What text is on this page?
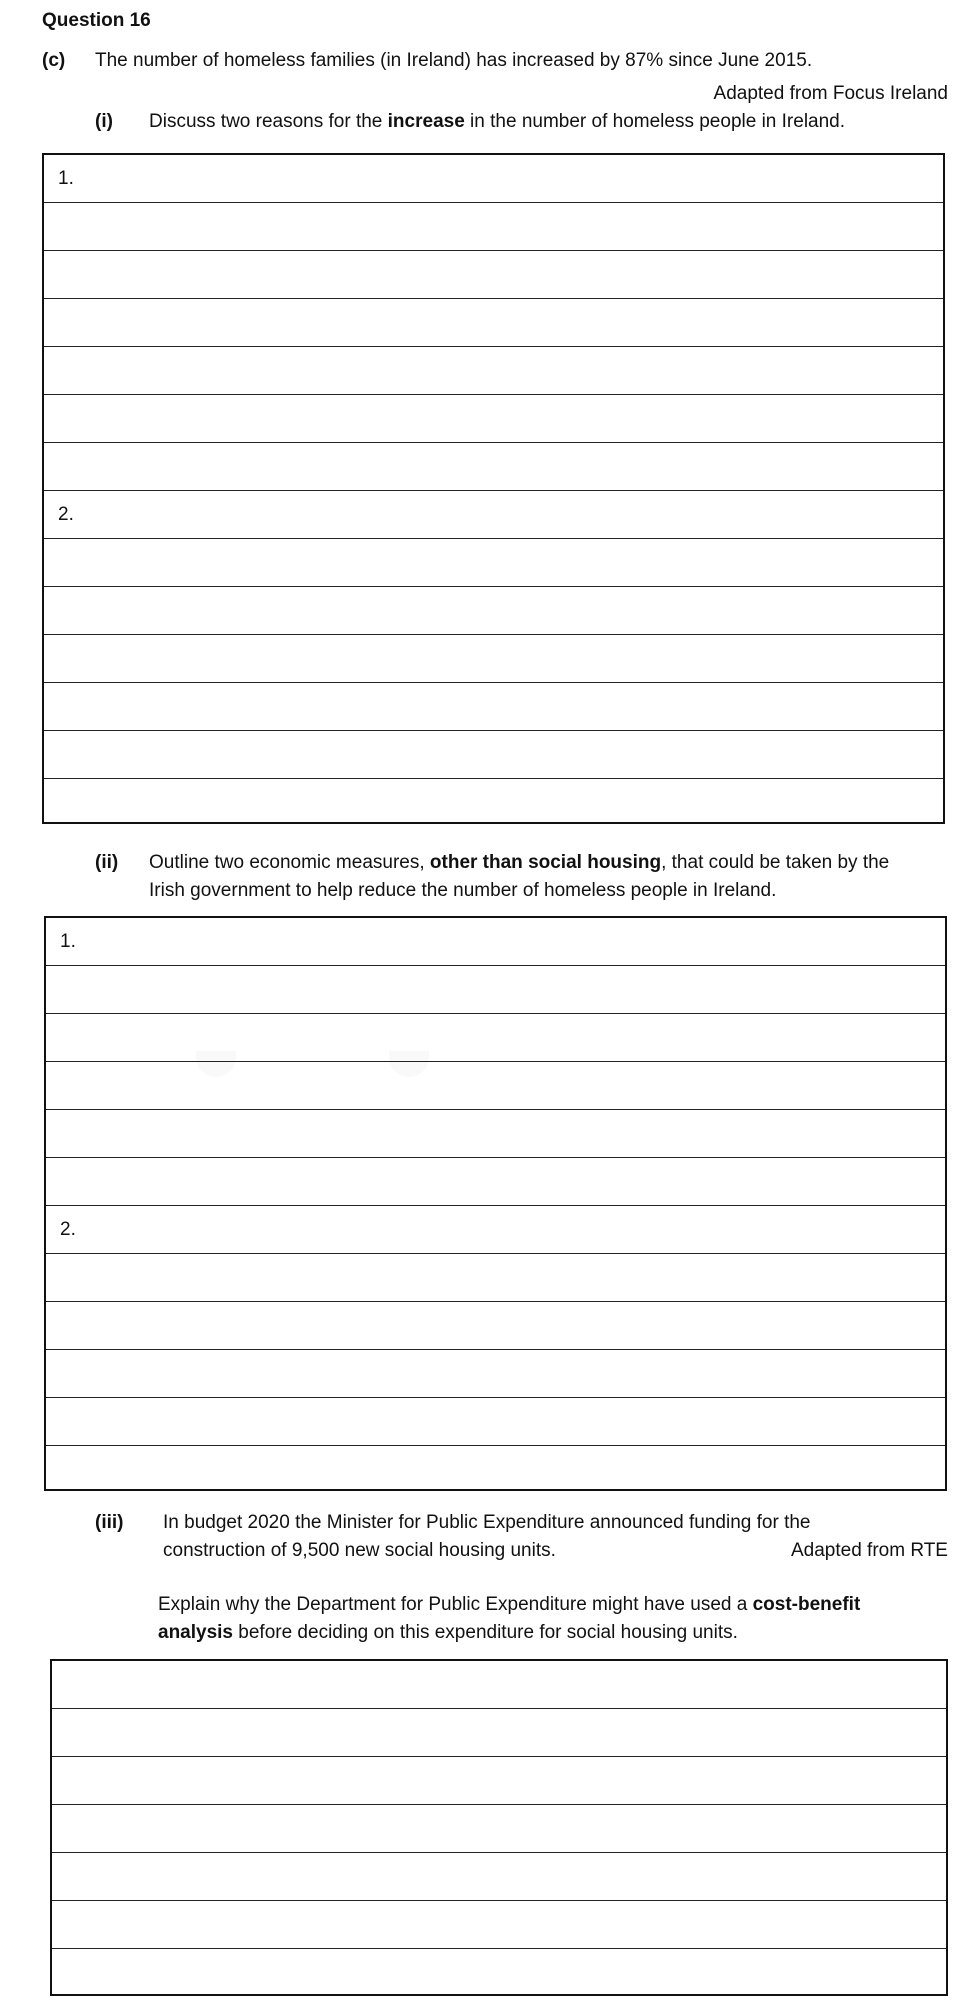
Question 16
(c) The number of homeless families (in Ireland) has increased by 87% since June 2015.
Adapted from Focus Ireland
(i) Discuss two reasons for the increase in the number of homeless people in Ireland.
1.
2.
(ii) Outline two economic measures, other than social housing, that could be taken by the
Irish government to help reduce the number of homeless people in Ireland.
1.
2.
(iii) In budget 2020 the Minister for Public Expenditure announced funding for the
construction of 9,500 new social housing units.	Adapted from RTE
Explain why the Department for Public Expenditure might have used a cost-benefit
analysis before deciding on this expenditure for social housing units.
